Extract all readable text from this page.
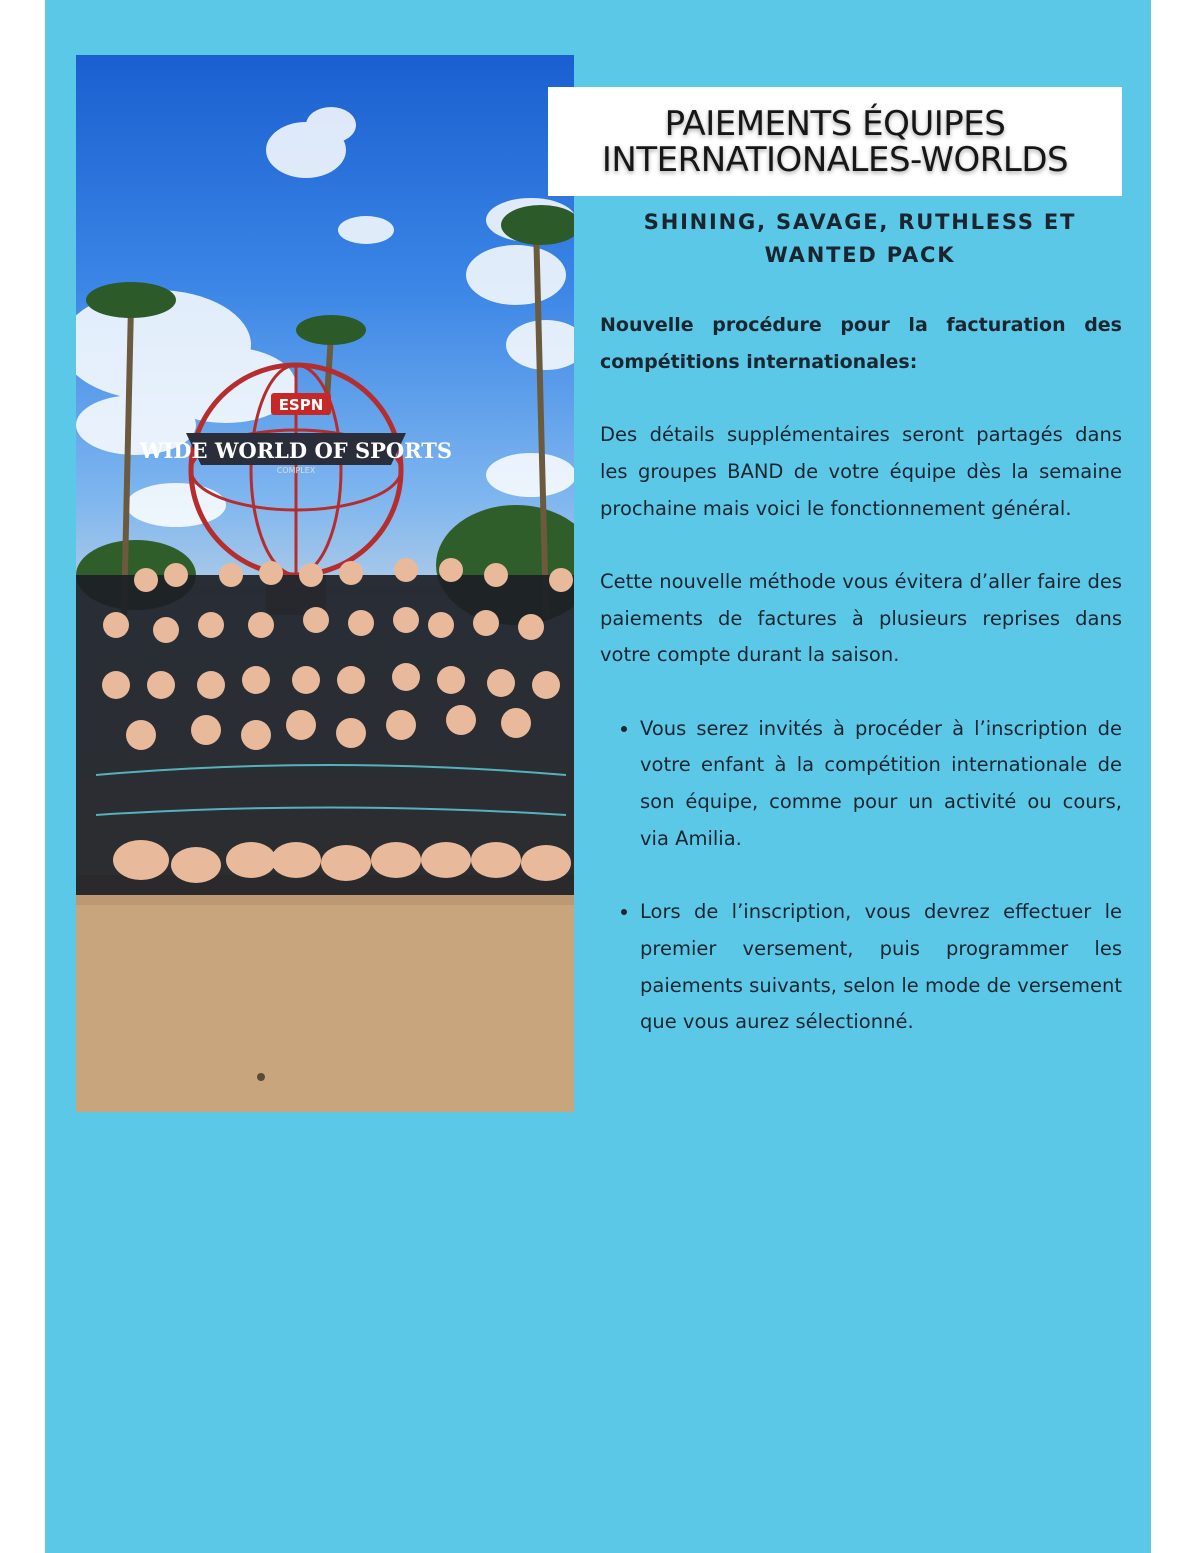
ESPN
WIDE WORLD OF SPORTS
COMPLEX
PAIEMENTS ÉQUIPES
INTERNATIONALES-WORLDS
SHINING, SAVAGE, RUTHLESS ET
WANTED PACK

Nouvelle procédure pour la facturation des compétitions internationales:

Des détails supplémentaires seront partagés dans les groupes BAND de votre équipe dès la semaine prochaine mais voici le fonctionnement général.

Cette nouvelle méthode vous évitera d’aller faire des paiements de factures à plusieurs reprises dans votre compte durant la saison.

• Vous serez invités à procéder à l’inscription de votre enfant à la compétition internationale de son équipe, comme pour un activité ou cours, via Amilia.
• Lors de l’inscription, vous devrez effectuer le premier versement, puis programmer les paiements suivants, selon le mode de versement que vous aurez sélectionné.
